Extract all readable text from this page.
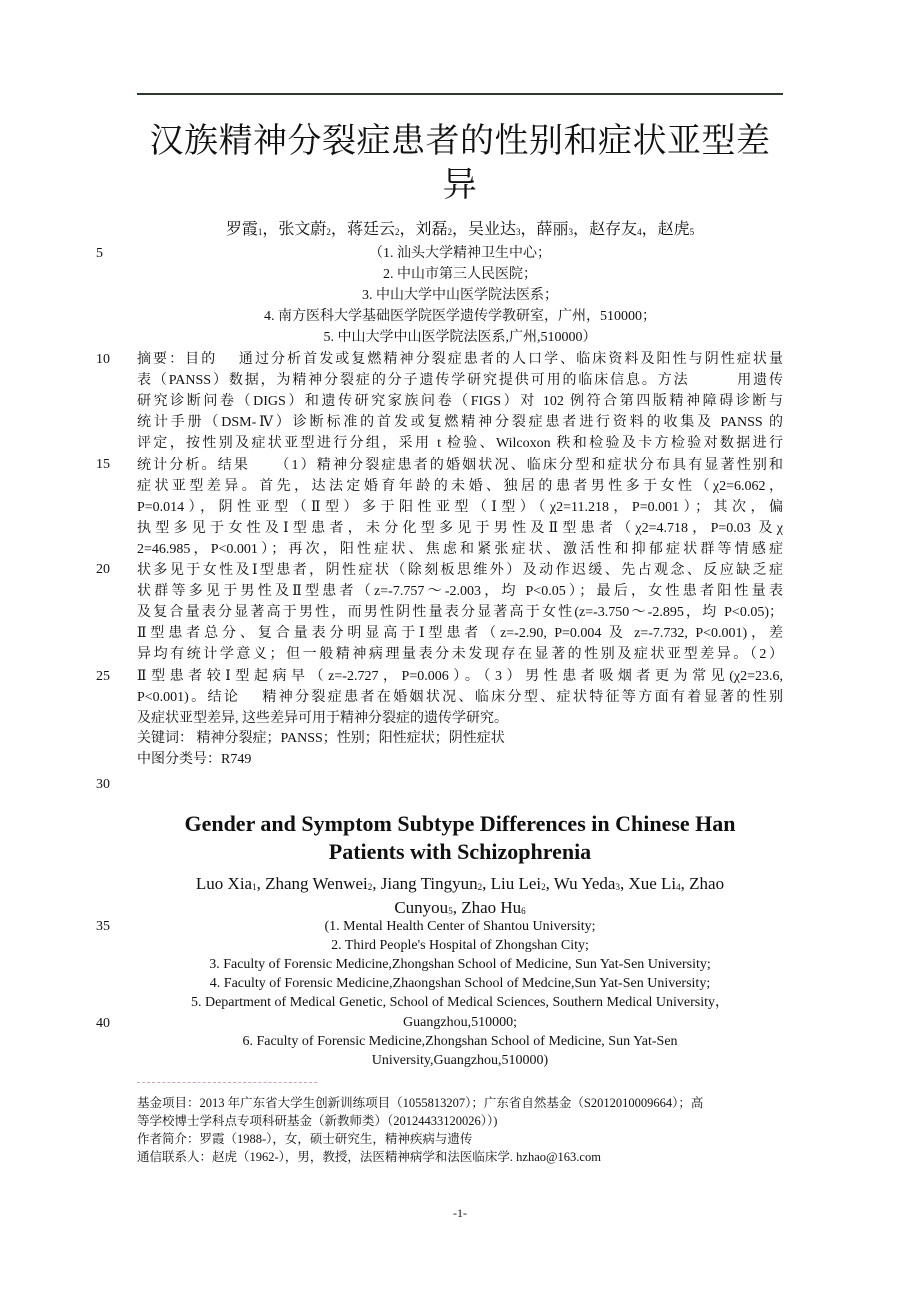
汉族精神分裂症患者的性别和症状亚型差
异
罗霞$_1$，张文蔚$_2$，蒋廷云$_2$，刘磊$_2$，吴业达$_3$，薛丽$_3$，赵存友$_4$，赵虎$_5$
5
10
15
20
25
30
35
40
（1. 汕头大学精神卫生中心；
2. 中山市第三人民医院；
3. 中山大学中山医学院法医系；
4. 南方医科大学基础医学院医学遗传学教研室，广州，510000；
5. 中山大学中山医学院法医系,广州,510000）
摘要：目的　 通过分析首发或复燃精神分裂症患者的人口学、临床资料及阳性与阴性症状量
表（PANSS）数据，为精神分裂症的分子遗传学研究提供可用的临床信息。方法　　　用遗传
研究诊断问卷（DIGS）和遗传研究家族问卷（FIGS）对 102 例符合第四版精神障碍诊断与
统计手册（DSM-Ⅳ）诊断标准的首发或复燃精神分裂症患者进行资料的收集及 PANSS 的
评定，按性别及症状亚型进行分组，采用 t 检验、Wilcoxon 秩和检验及卡方检验对数据进行
统计分析。结果　　（1）精神分裂症患者的婚姻状况、临床分型和症状分布具有显著性别和
症状亚型差异。首先，达法定婚育年龄的未婚、独居的患者男性多于女性（χ2=6.062，
P=0.014），阴性亚型（Ⅱ型）多于阳性亚型（Ⅰ型）（χ2=11.218，P=0.001）；其次，偏
执型多见于女性及Ⅰ型患者，未分化型多见于男性及Ⅱ型患者（χ2=4.718，P=0.03 及χ
2=46.985，P<0.001）；再次，阳性症状、焦虑和紧张症状、激活性和抑郁症状群等情感症
状多见于女性及Ⅰ型患者，阴性症状（除刻板思维外）及动作迟缓、先占观念、反应缺乏症
状群等多见于男性及Ⅱ型患者（z=-7.757～-2.003，均 P<0.05）；最后，女性患者阳性量表
及复合量表分显著高于男性，而男性阴性量表分显著高于女性(z=-3.750～-2.895，均 P<0.05)；
Ⅱ型患者总分、复合量表分明显高于Ⅰ型患者（z=-2.90, P=0.004 及 z=-7.732, P<0.001)，差
异均有统计学意义；但一般精神病理量表分未发现存在显著的性别及症状亚型差异。（2）
Ⅱ型患者较Ⅰ型起病早（z=-2.727，P=0.006）。（3）男性患者吸烟者更为常见(χ2=23.6,
P<0.001)。结论　 精神分裂症患者在婚姻状况、临床分型、症状特征等方面有着显著的性别
及症状亚型差异, 这些差异可用于精神分裂症的遗传学研究。
关键词： 精神分裂症；PANSS；性别；阳性症状；阴性症状
中图分类号：R749
Gender and Symptom Subtype Differences in Chinese Han
Patients with Schizophrenia
Luo Xia$_1$, Zhang Wenwei$_2$, Jiang Tingyun$_2$, Liu Lei$_2$, Wu Yeda$_3$, Xue $Li_4$, Zhao
Cunyou$_5$, Zhao $Hu_6$
(1. Mental Health Center of Shantou University;
2. Third People's Hospital of Zhongshan City;
3. Faculty of Forensic Medicine,Zhongshan School of Medicine, Sun Yat-Sen University;
4. Faculty of Forensic Medicine,Zhaongshan School of Medcine,Sun Yat-Sen University;
5. Department of Medical Genetic, School of Medical Sciences, Southern Medical University，
Guangzhou,510000;
6. Faculty of Forensic Medicine,Zhongshan School of Medicine, Sun Yat-Sen
University,Guangzhou,510000)
基金项目：2013 年广东省大学生创新训练项目（1055813207）；广东省自然基金（S2012010009664）；高
等学校博士学科点专项科研基金（新教师类）（20124433120026））)
作者简介：罗霞（1988-），女，硕士研究生，精神疾病与遗传
通信联系人：赵虎（1962-），男，教授，法医精神病学和法医临床学. hzhao@163.com
-1-
